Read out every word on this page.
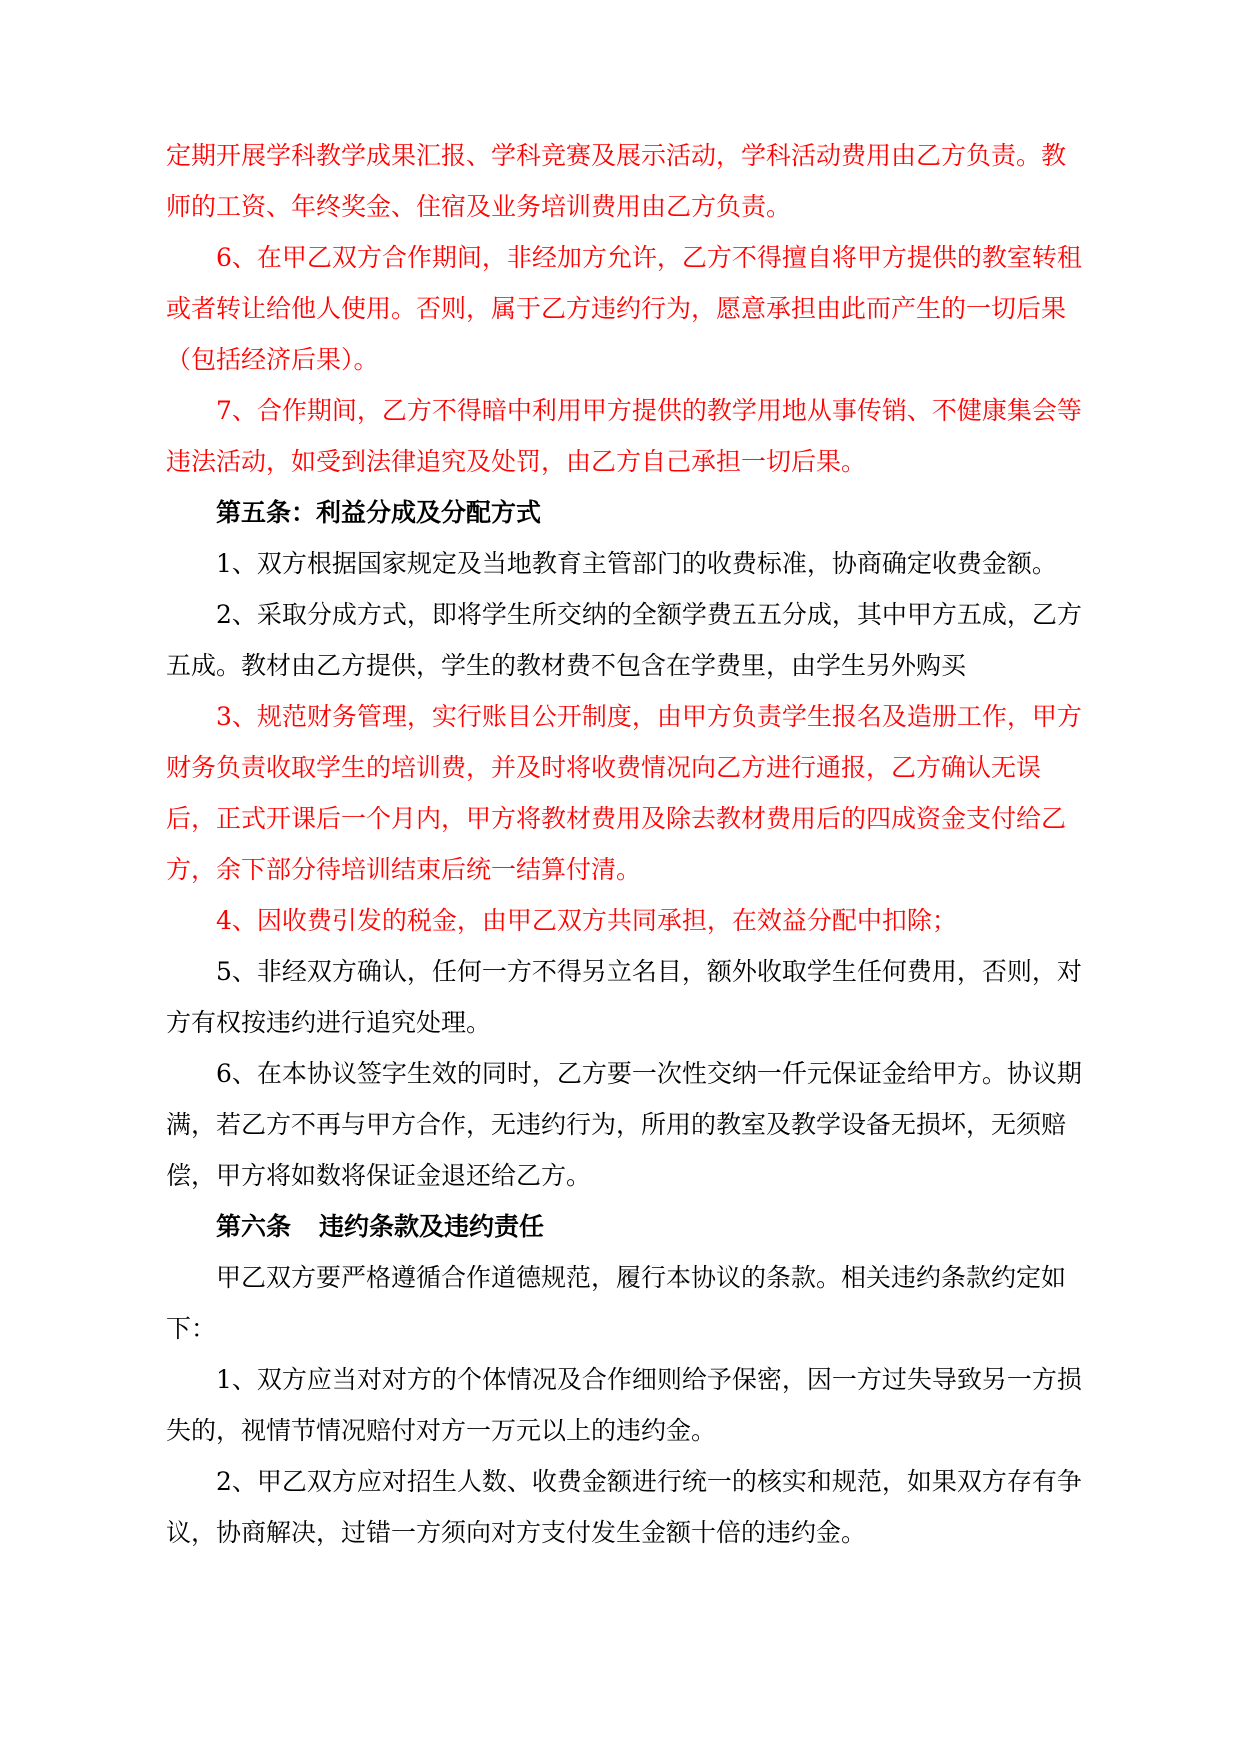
定期开展学科教学成果汇报、学科竞赛及展示活动，学科活动费用由乙方负责。教师的工资、年终奖金、住宿及业务培训费用由乙方负责。

6、在甲乙双方合作期间，非经加方允许，乙方不得擅自将甲方提供的教室转租或者转让给他人使用。否则，属于乙方违约行为，愿意承担由此而产生的一切后果（包括经济后果）。

7、合作期间，乙方不得暗中利用甲方提供的教学用地从事传销、不健康集会等违法活动，如受到法律追究及处罚，由乙方自己承担一切后果。

第五条：利益分成及分配方式

1、双方根据国家规定及当地教育主管部门的收费标准，协商确定收费金额。

2、采取分成方式，即将学生所交纳的全额学费五五分成，其中甲方五成，乙方五成。教材由乙方提供，学生的教材费不包含在学费里，由学生另外购买

3、规范财务管理，实行账目公开制度，由甲方负责学生报名及造册工作，甲方财务负责收取学生的培训费，并及时将收费情况向乙方进行通报，乙方确认无误后，正式开课后一个月内，甲方将教材费用及除去教材费用后的四成资金支付给乙方，余下部分待培训结束后统一结算付清。

4、因收费引发的税金，由甲乙双方共同承担，在效益分配中扣除；

5、非经双方确认，任何一方不得另立名目，额外收取学生任何费用，否则，对方有权按违约进行追究处理。

6、在本协议签字生效的同时，乙方要一次性交纳一仟元保证金给甲方。协议期满，若乙方不再与甲方合作，无违约行为，所用的教室及教学设备无损坏，无须赔偿，甲方将如数将保证金退还给乙方。

第六条 违约条款及违约责任

甲乙双方要严格遵循合作道德规范，履行本协议的条款。相关违约条款约定如下：

1、双方应当对对方的个体情况及合作细则给予保密，因一方过失导致另一方损失的，视情节情况赔付对方一万元以上的违约金。

2、甲乙双方应对招生人数、收费金额进行统一的核实和规范，如果双方存有争议，协商解决，过错一方须向对方支付发生金额十倍的违约金。
